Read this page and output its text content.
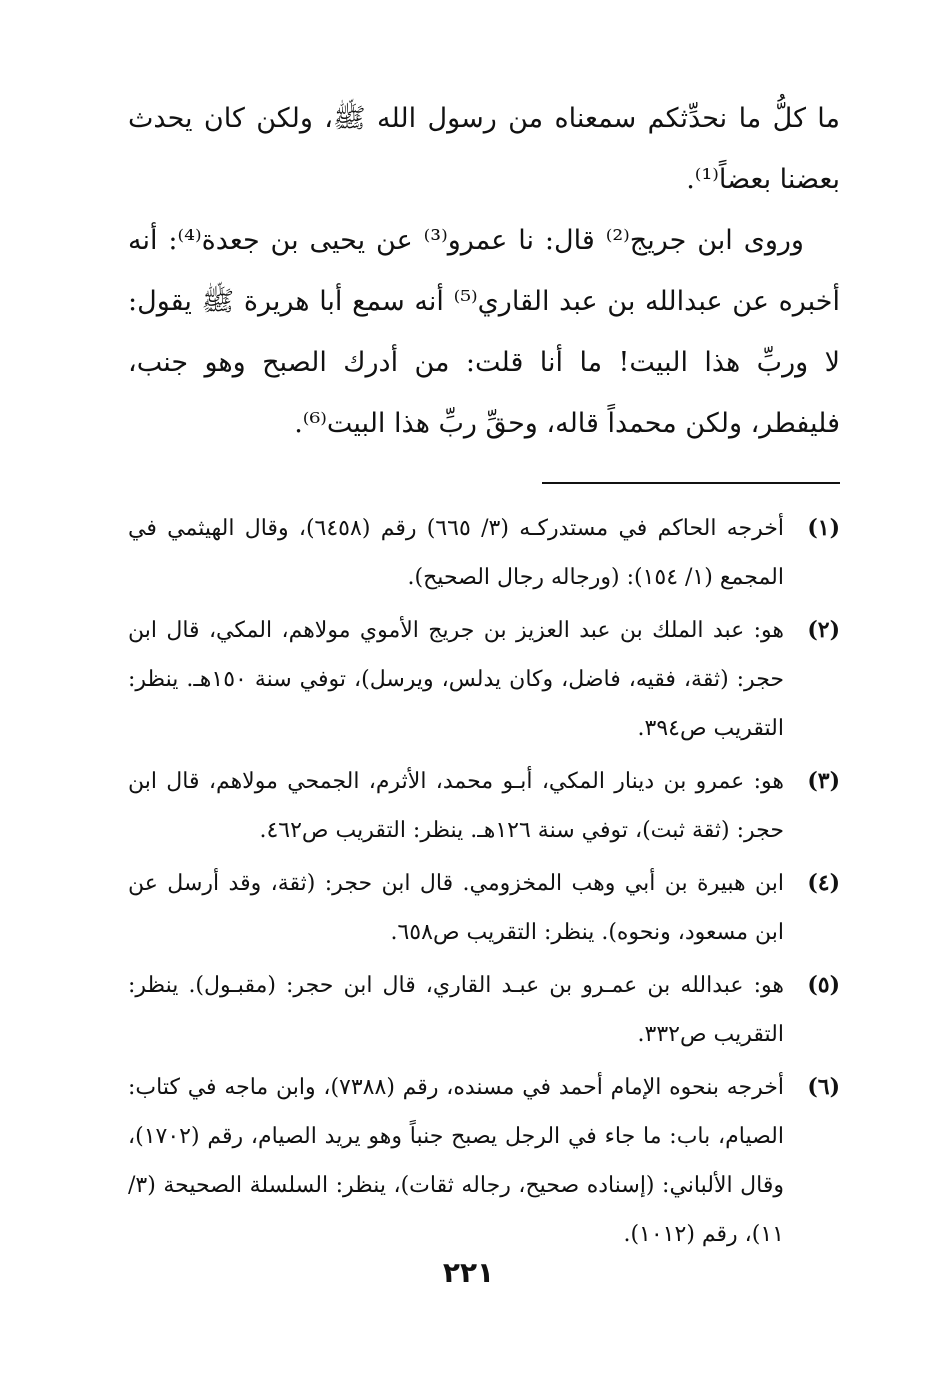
ما كلُّ ما نحدِّثكم سمعناه من رسول الله ﷺ، ولكن كان يحدث بعضنا بعضاً⁽¹⁾.

وروى ابن جريج⁽²⁾ قال: نا عمرو⁽³⁾ عن يحيى بن جعدة⁽⁴⁾: أنه أخبره عن عبدالله بن عبد القاري⁽⁵⁾ أنه سمع أبا هريرة ﷺ يقول: لا وربِّ هذا البيت! ما أنا قلت: من أدرك الصبح وهو جنب، فليفطر، ولكن محمداً قاله، وحقِّ ربِّ هذا البيت⁽⁶⁾.

(١)

أخرجه الحاكم في مستدركـه (٣/ ٦٦٥) رقم (٦٤٥٨)، وقال الهيثمي في المجمع (١/ ١٥٤): (ورجاله رجال الصحيح).

(٢)

هو: عبد الملك بن عبد العزيز بن جريج الأموي مولاهم، المكي، قال ابن حجر: (ثقة، فقيه، فاضل، وكان يدلس، ويرسل)، توفي سنة ١٥٠هـ. ينظر: التقريب ص٣٩٤.

(٣)

هو: عمرو بن دينار المكي، أبـو محمد، الأثرم، الجمحي مولاهم، قال ابن حجر: (ثقة ثبت)، توفي سنة ١٢٦هـ. ينظر: التقريب ص٤٦٢.

(٤)

ابن هبيرة بن أبي وهب المخزومي. قال ابن حجر: (ثقة، وقد أرسل عن ابن مسعود، ونحوه). ينظر: التقريب ص٦٥٨.

(٥)

هو: عبدالله بن عمـرو بن عبـد القاري، قال ابن حجر: (مقبـول). ينظر: التقريب ص٣٣٢.

(٦)

أخرجه بنحوه الإمام أحمد في مسنده، رقم (٧٣٨٨)، وابن ماجه في كتاب: الصيام، باب: ما جاء في الرجل يصبح جنباً وهو يريد الصيام، رقم (١٧٠٢)، وقال الألباني: (إسناده صحيح، رجاله ثقات)، ينظر: السلسلة الصحيحة (٣/ ١١)، رقم (١٠١٢).

٢٢١
